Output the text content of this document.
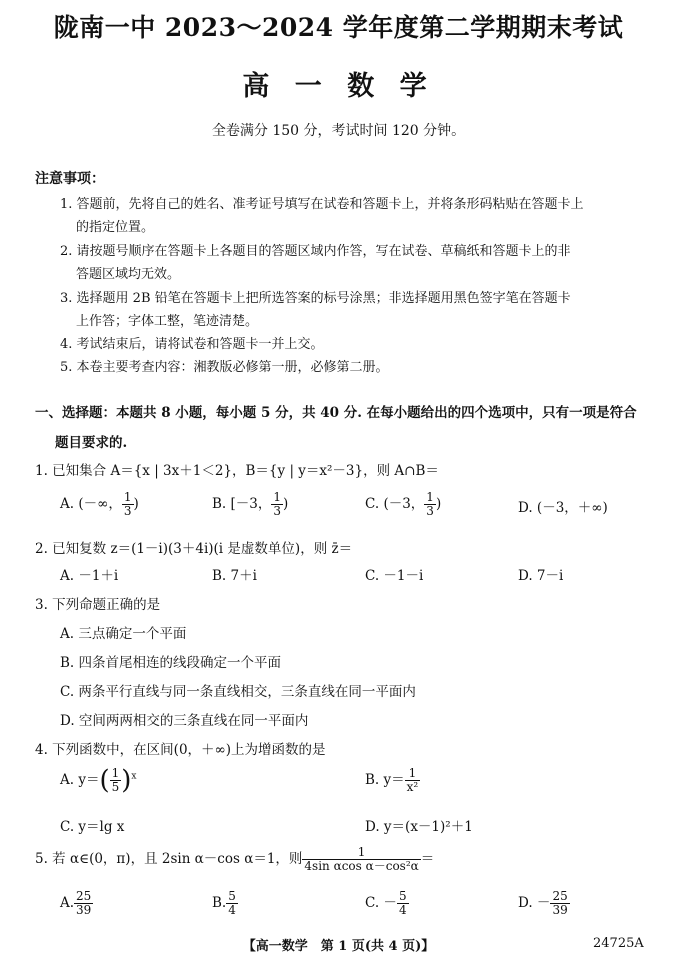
陇南一中 2023～2024 学年度第二学期期末考试
高 一 数 学
全卷满分 150 分，考试时间 120 分钟。
注意事项：
1. 答题前，先将自己的姓名、准考证号填写在试卷和答题卡上，并将条形码粘贴在答题卡上
的指定位置。
2. 请按题号顺序在答题卡上各题目的答题区域内作答，写在试卷、草稿纸和答题卡上的非
答题区域均无效。
3. 选择题用 2B 铅笔在答题卡上把所选答案的标号涂黑；非选择题用黑色签字笔在答题卡
上作答；字体工整，笔迹清楚。
4. 考试结束后，请将试卷和答题卡一并上交。
5. 本卷主要考查内容：湘教版必修第一册，必修第二册。
一、选择题：本题共 8 小题，每小题 5 分，共 40 分. 在每小题给出的四个选项中，只有一项是符合
题目要求的.
1. 已知集合 A＝{x | 3x＋1＜2}，B＝{y | y＝x²－3}，则 A∩B＝
A. (－∞， $\frac{1}{3}$ )	B. [－3， $\frac{1}{3}$ )	C. (－3， $\frac{1}{3}$ )	D. (－3，＋∞)
2. 已知复数 z＝(1－i)(3＋4i)(i 是虚数单位)，则 z̄＝
A. －1＋i	B. 7＋i	C. －1－i	D. 7－i
3. 下列命题正确的是
A. 三点确定一个平面
B. 四条首尾相连的线段确定一个平面
C. 两条平行直线与同一条直线相交，三条直线在同一平面内
D. 空间两两相交的三条直线在同一平面内
4. 下列函数中，在区间(0，＋∞)上为增函数的是
A. $y=( \frac{1}{5} )^x$	B. $y= \frac{1}{\text{x²}}$
C. y＝lg x	D. y＝(x－1)²＋1
5. 若 α∈(0，π)，且 2sin α－cos α＝1，则 $\frac{1}{\text{4sin αcos α－cos²α}}$ ＝
A. $\frac{25}{39}$	B. $\frac{5}{4}$	C. － $\frac{5}{4}$	D. － $\frac{25}{39}$
【高一数学　第 1 页(共 4 页)】	24725A
